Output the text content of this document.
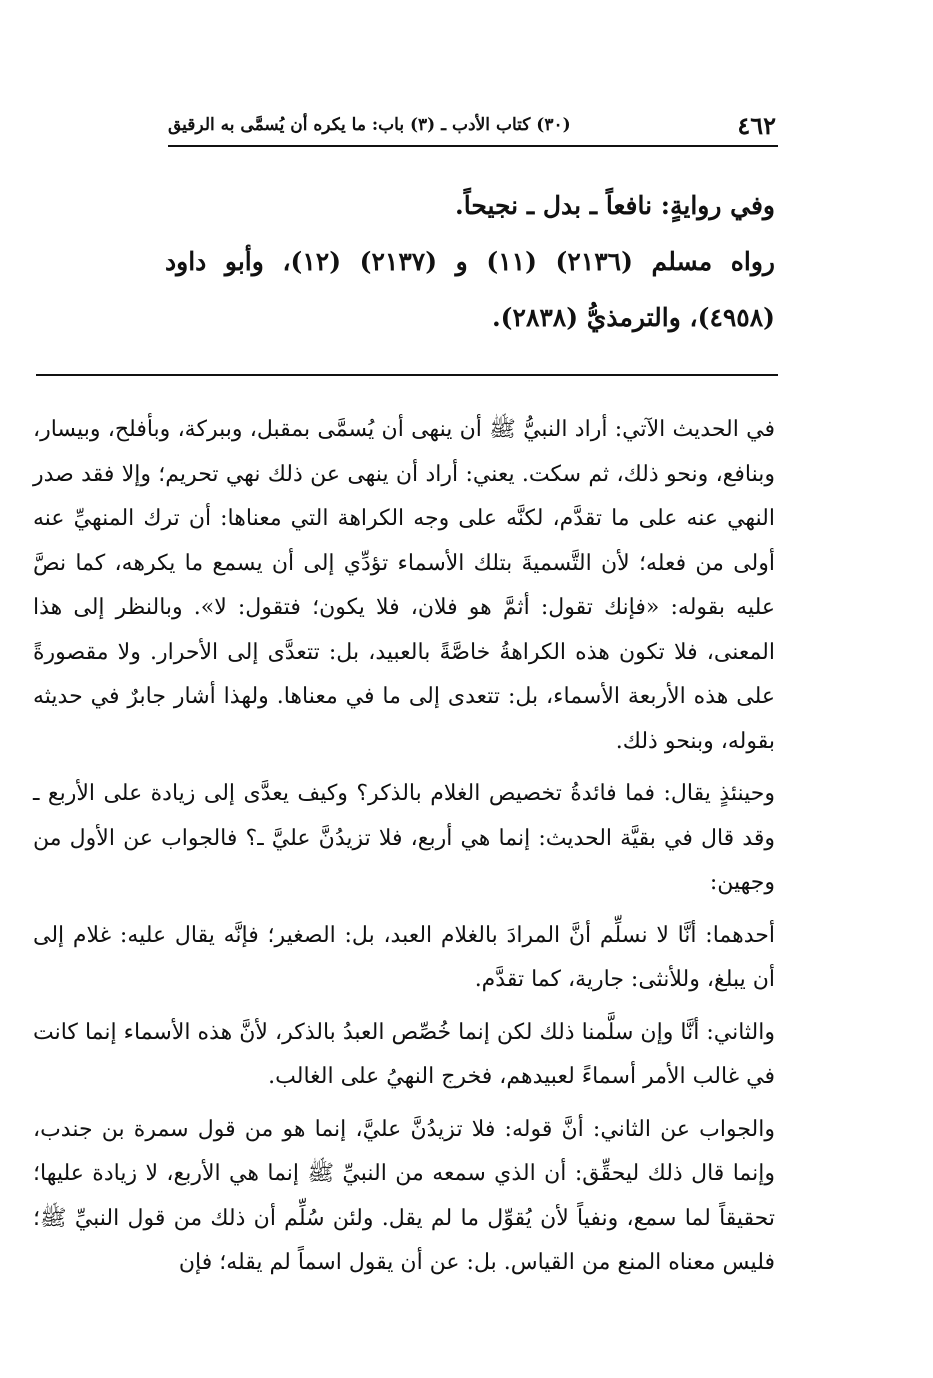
٤٦٢
(٣٠) كتاب الأدب ـ (٣) باب: ما يكره أن يُسمَّى به الرقيق

وفي روايةٍ: نافعاً ـ بدل ـ نجيحاً.

رواه مسلم (٢١٣٦) (١١) و (٢١٣٧) (١٢)، وأبو داود (٤٩٥٨)، والترمذيُّ (٢٨٣٨).

في الحديث الآتي: أراد النبيُّ ﷺ أن ينهى أن يُسمَّى بمقبل، وببركة، وبأفلح، وبيسار، وبنافع، ونحو ذلك، ثم سكت. يعني: أراد أن ينهى عن ذلك نهي تحريم؛ وإلا فقد صدر النهي عنه على ما تقدَّم، لكنَّه على وجه الكراهة التي معناها: أن ترك المنهيِّ عنه أولى من فعله؛ لأن التَّسميةَ بتلك الأسماء تؤدِّي إلى أن يسمع ما يكرهه، كما نصَّ عليه بقوله: «فإنك تقول: أثمَّ هو فلان، فلا يكون؛ فتقول: لا». وبالنظر إلى هذا المعنى، فلا تكون هذه الكراهةُ خاصَّةً بالعبيد، بل: تتعدَّى إلى الأحرار. ولا مقصورةً على هذه الأربعة الأسماء، بل: تتعدى إلى ما في معناها. ولهذا أشار جابرٌ في حديثه بقوله، وبنحو ذلك.

وحينئذٍ يقال: فما فائدةُ تخصيص الغلام بالذكر؟ وكيف يعدَّى إلى زيادة على الأربع ـ وقد قال في بقيَّة الحديث: إنما هي أربع، فلا تزيدُنَّ عليَّ ـ؟ فالجواب عن الأول من وجهين:

أحدهما: أنَّا لا نسلِّم أنَّ المرادَ بالغلام العبد، بل: الصغير؛ فإنَّه يقال عليه: غلام إلى أن يبلغ، وللأنثى: جارية، كما تقدَّم.

والثاني: أنَّا وإن سلَّمنا ذلك لكن إنما خُصِّص العبدُ بالذكر، لأنَّ هذه الأسماء إنما كانت في غالب الأمر أسماءً لعبيدهم، فخرج النهيُ على الغالب.

والجواب عن الثاني: أنَّ قوله: فلا تزيدُنَّ عليَّ، إنما هو من قول سمرة بن جندب، وإنما قال ذلك ليحقِّق: أن الذي سمعه من النبيِّ ﷺ إنما هي الأربع، لا زيادة عليها؛ تحقيقاً لما سمع، ونفياً لأن يُقوِّل ما لم يقل. ولئن سُلِّم أن ذلك من قول النبيِّ ﷺ؛ فليس معناه المنع من القياس. بل: عن أن يقول اسماً لم يقله؛ فإن
